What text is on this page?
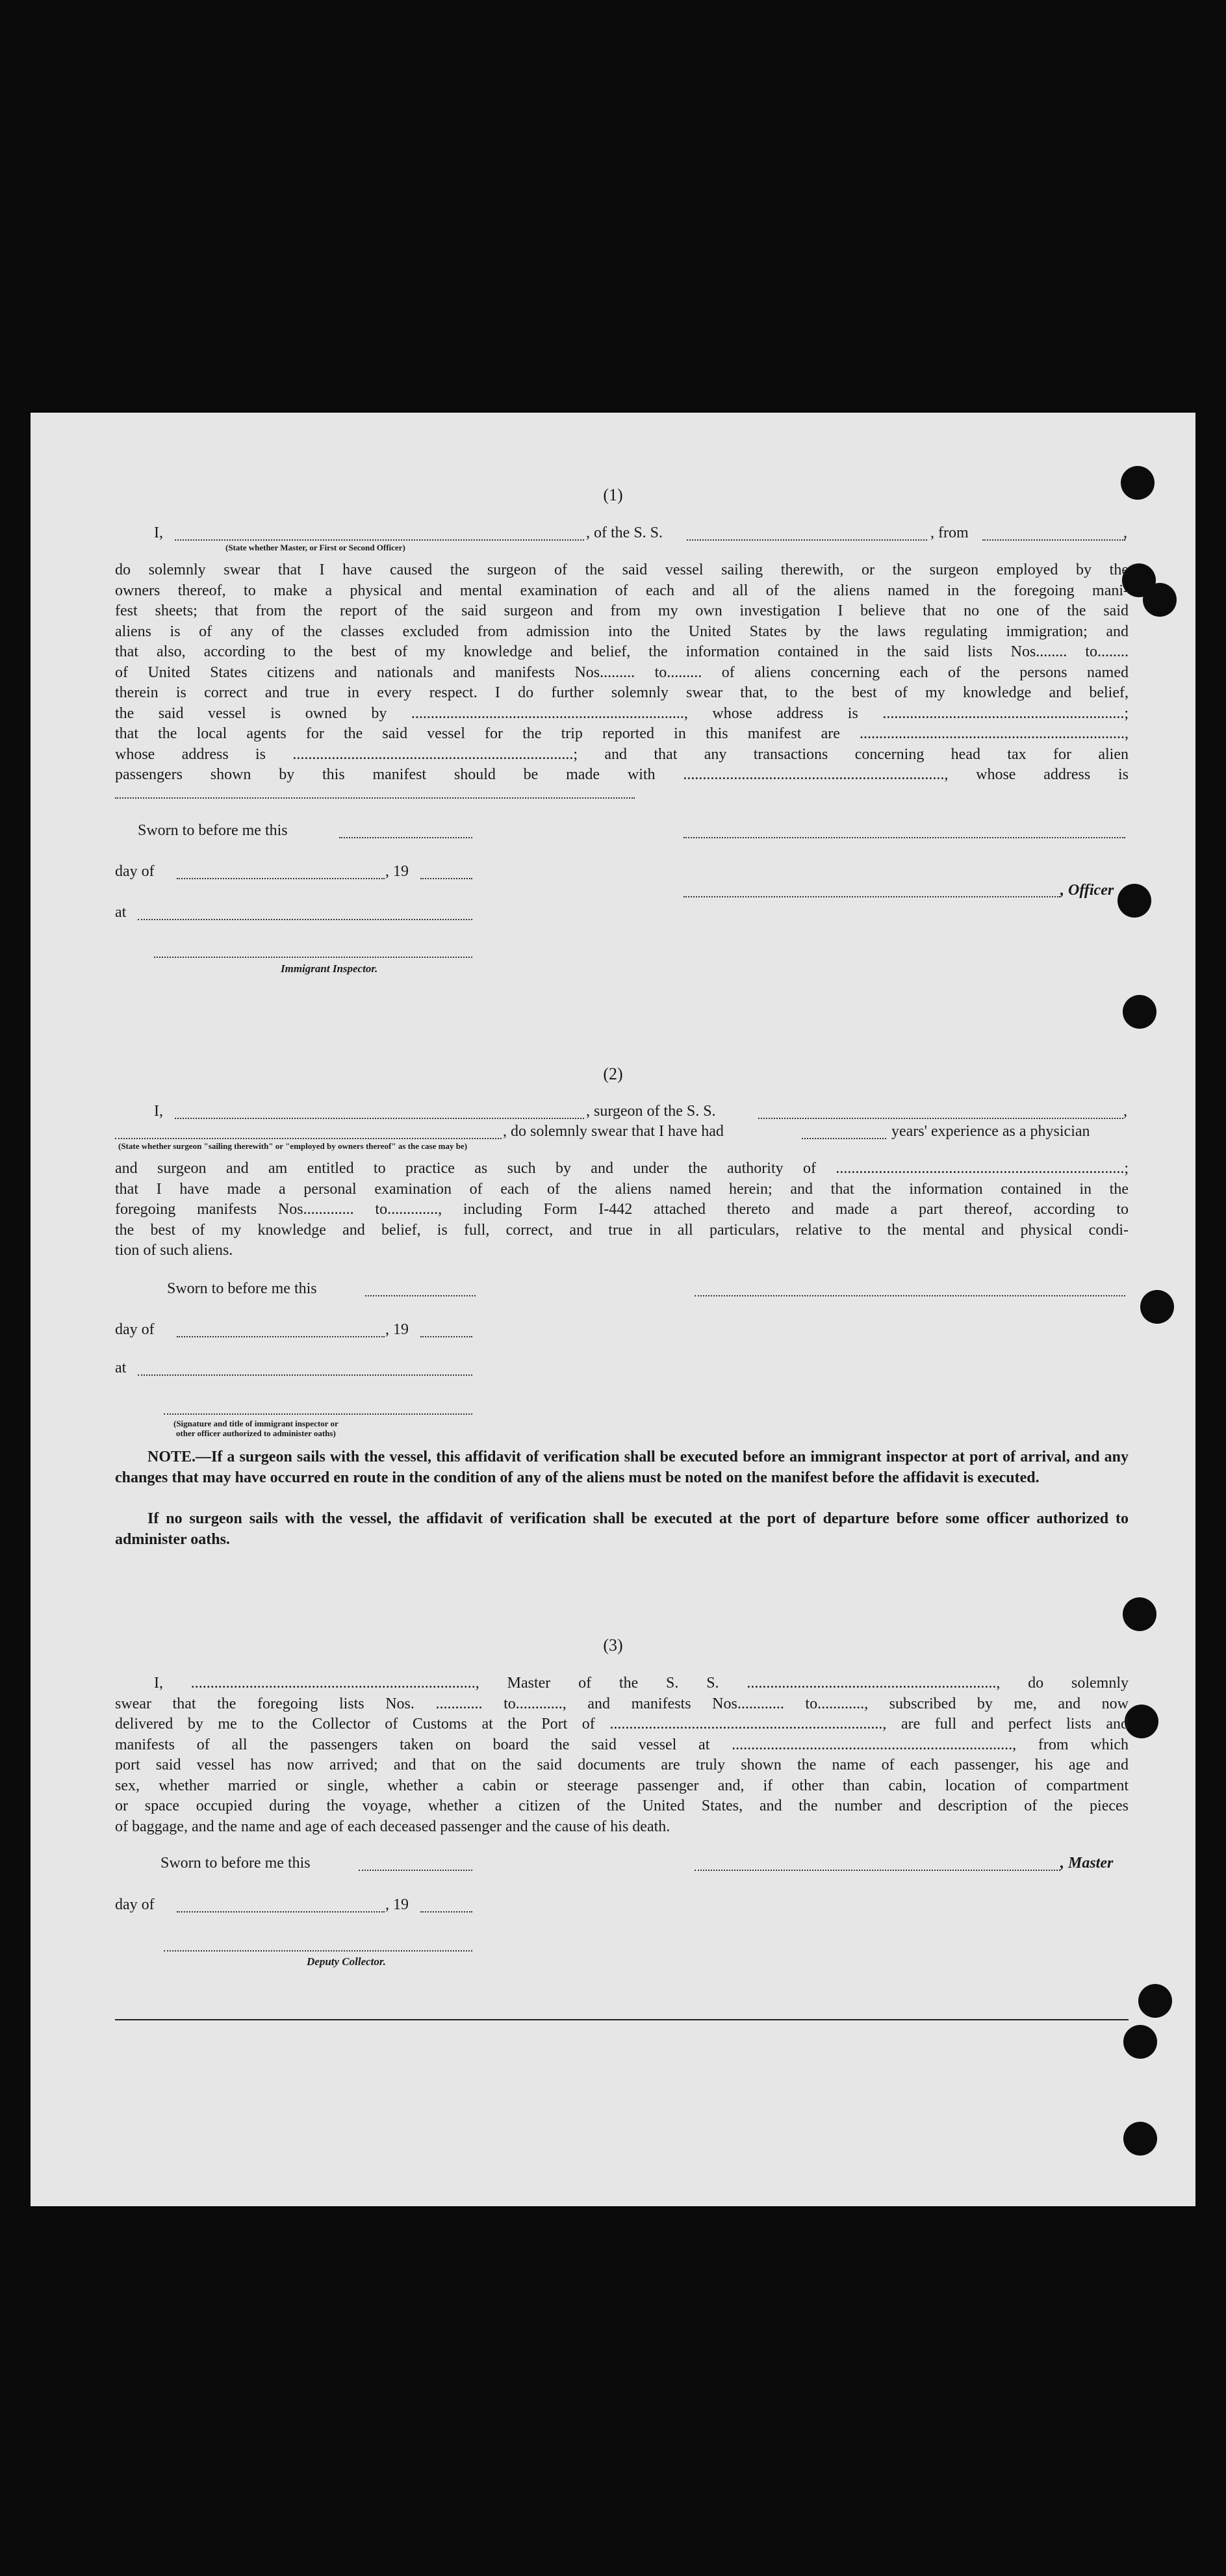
(1)
I,	, of the S. S.	, from	,
(State whether Master, or First or Second Officer)
do solemnly swear that I have caused the surgeon of the said vessel sailing therewith, or the surgeon employed by the
owners thereof, to make a physical and mental examination of each and all of the aliens named in the foregoing mani-
fest sheets; that from the report of the said surgeon and from my own investigation I believe that no one of the said
aliens is of any of the classes excluded from admission into the United States by the laws regulating immigration; and
that also, according to the best of my knowledge and belief, the information contained in the said lists Nos........ to........
of United States citizens and nationals and manifests Nos......... to......... of aliens concerning each of the persons named
therein is correct and true in every respect. I do further solemnly swear that, to the best of my knowledge and belief,
the said vessel is owned by ......................................................................, whose address is ..............................................................;
that the local agents for the said vessel for the trip reported in this manifest are ....................................................................,
whose address is ........................................................................; and that any transactions concerning head tax for alien
passengers shown by this manifest should be made with ..................................................................., whose address is
Sworn to before me this
day of	, 19
, Officer
at
Immigrant Inspector.
(2)
I,	, surgeon of the S. S.	,
, do solemnly swear that I have had	years' experience as a physician
(State whether surgeon "sailing therewith" or "employed by owners thereof" as the case may be)
and surgeon and am entitled to practice as such by and under the authority of ..........................................................................;
that I have made a personal examination of each of the aliens named herein; and that the information contained in the
foregoing manifests Nos............. to............., including Form I-442 attached thereto and made a part thereof, according to
the best of my knowledge and belief, is full, correct, and true in all particulars, relative to the mental and physical condi-
tion of such aliens.
Sworn to before me this
day of	, 19
at
(Signature and title of immigrant inspector or
other officer authorized to administer oaths)
NOTE.—If a surgeon sails with the vessel, this affidavit of verification shall be executed before an immigrant inspector at port of arrival, and any changes that may have occurred en route in the condition of any of the aliens must be noted on the manifest before the affidavit is executed.
If no surgeon sails with the vessel, the affidavit of verification shall be executed at the port of departure before some officer authorized to administer oaths.
(3)
I, ........................................................................., Master of the S. S. ................................................................, do solemnly
swear that the foregoing lists Nos. ............ to............, and manifests Nos............ to............, subscribed by me, and now
delivered by me to the Collector of Customs at the Port of ......................................................................, are full and perfect lists and
manifests of all the passengers taken on board the said vessel at ........................................................................, from which
port said vessel has now arrived; and that on the said documents are truly shown the name of each passenger, his age and
sex, whether married or single, whether a cabin or steerage passenger and, if other than cabin, location of compartment
or space occupied during the voyage, whether a citizen of the United States, and the number and description of the pieces
of baggage, and the name and age of each deceased passenger and the cause of his death.
Sworn to before me this	, Master
day of	, 19
Deputy Collector.
